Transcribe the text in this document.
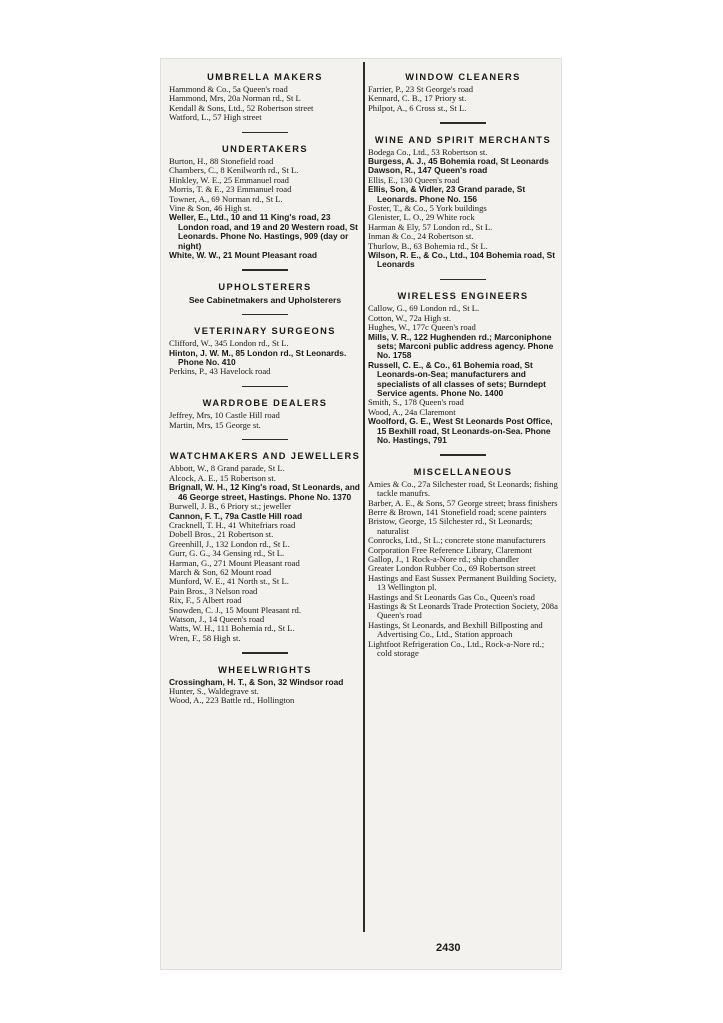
UMBRELLA MAKERS
Hammond & Co., 5a Queen's road
Hammond, Mrs, 20a Norman rd., St L
Kendall & Sons, Ltd., 52 Robertson street
Watford, L., 57 High street
UNDERTAKERS
Burton, H., 88 Stonefield road
Chambers, C., 8 Kenilworth rd., St L.
Hinkley, W. E., 25 Emmanuel road
Morris, T. & E., 23 Emmanuel road
Towner, A., 69 Norman rd., St L.
Vine & Son, 46 High st.
Weller, E., Ltd., 10 and 11 King's road, 23 London road, and 19 and 20 Western road, St Leonards. Phone No. Hastings, 909 (day or night)
White, W. W., 21 Mount Pleasant road
UPHOLSTERERS
See Cabinetmakers and Upholsterers
VETERINARY SURGEONS
Clifford, W., 345 London rd., St L.
Hinton, J. W. M., 85 London rd., St Leonards. Phone No. 410
Perkins, P., 43 Havelock road
WARDROBE DEALERS
Jeffrey, Mrs, 10 Castle Hill road
Martin, Mrs, 15 George st.
WATCHMAKERS AND JEWELLERS
Abbott, W., 8 Grand parade, St L.
Alcock, A. E., 15 Robertson st.
Brignall, W. H., 12 King's road, St Leonards, and 46 George street, Hastings. Phone No. 1370
Burwell, J. B., 6 Priory st.; jeweller
Cannon, F. T., 79a Castle Hill road
Cracknell, T. H., 41 Whitefriars road
Dobell Bros., 21 Robertson st.
Greenhill, J., 132 London rd., St L.
Gurr, G. G., 34 Gensing rd., St L.
Harman, G., 271 Mount Pleasant road
March & Son, 62 Mount road
Munford, W. E., 41 North st., St L.
Pain Bros., 3 Nelson road
Rix, F., 5 Albert road
Snowden, C. J., 15 Mount Pleasant rd.
Watson, J., 14 Queen's road
Watts, W. H., 111 Bohemia rd., St L.
Wren, F., 58 High st.
WHEELWRIGHTS
Crossingham, H. T., & Son, 32 Windsor road
Hunter, S., Waldegrave st.
Wood, A., 223 Battle rd., Hollington
WINDOW CLEANERS
Farrier, P., 23 St George's road
Kennard, C. B., 17 Priory st.
Philpot, A., 6 Cross st., St L.
WINE AND SPIRIT MERCHANTS
Bodega Co., Ltd., 53 Robertson st.
Burgess, A. J., 45 Bohemia road, St Leonards
Dawson, R., 147 Queen's road
Ellis, E., 130 Queen's road
Ellis, Son, & Vidler, 23 Grand parade, St Leonards. Phone No. 156
Foster, T., & Co., 5 York buildings
Glenister, L. O., 29 White rock
Harman & Ely, 57 London rd., St L.
Inman & Co., 24 Robertson st.
Thurlow, B., 63 Bohemia rd., St L.
Wilson, R. E., & Co., Ltd., 104 Bohemia road, St Leonards
WIRELESS ENGINEERS
Callow, G., 69 London rd., St L.
Cotton, W., 72a High st.
Hughes, W., 177c Queen's road
Mills, V. R., 122 Hughenden rd.; Marconiphone sets; Marconi public address agency. Phone No. 1758
Russell, C. E., & Co., 61 Bohemia road, St Leonards-on-Sea; manufacturers and specialists of all classes of sets; Burndept Service agents. Phone No. 1400
Smith, S., 178 Queen's road
Wood, A., 24a Claremont
Woolford, G. E., West St Leonards Post Office, 15 Bexhill road, St Leonards-on-Sea. Phone No. Hastings, 791
MISCELLANEOUS
Amies & Co., 27a Silchester road, St Leonards; fishing tackle manufrs.
Barber, A. E., & Sons, 57 George street; brass finishers
Berre & Brown, 141 Stonefield road; scene painters
Bristow, George, 15 Silchester rd., St Leonards; naturalist
Conrocks, Ltd., St L.; concrete stone manufacturers
Corporation Free Reference Library, Claremont
Gallop, J., 1 Rock-a-Nore rd.; ship chandler
Greater London Rubber Co., 69 Robertson street
Hastings and East Sussex Permanent Building Society, 13 Wellington pl.
Hastings and St Leonards Gas Co., Queen's road
Hastings & St Leonards Trade Protection Society, 208a Queen's road
Hastings, St Leonards, and Bexhill Billposting and Advertising Co., Ltd., Station approach
Lightfoot Refrigeration Co., Ltd., Rock-a-Nore rd.; cold storage
2430
